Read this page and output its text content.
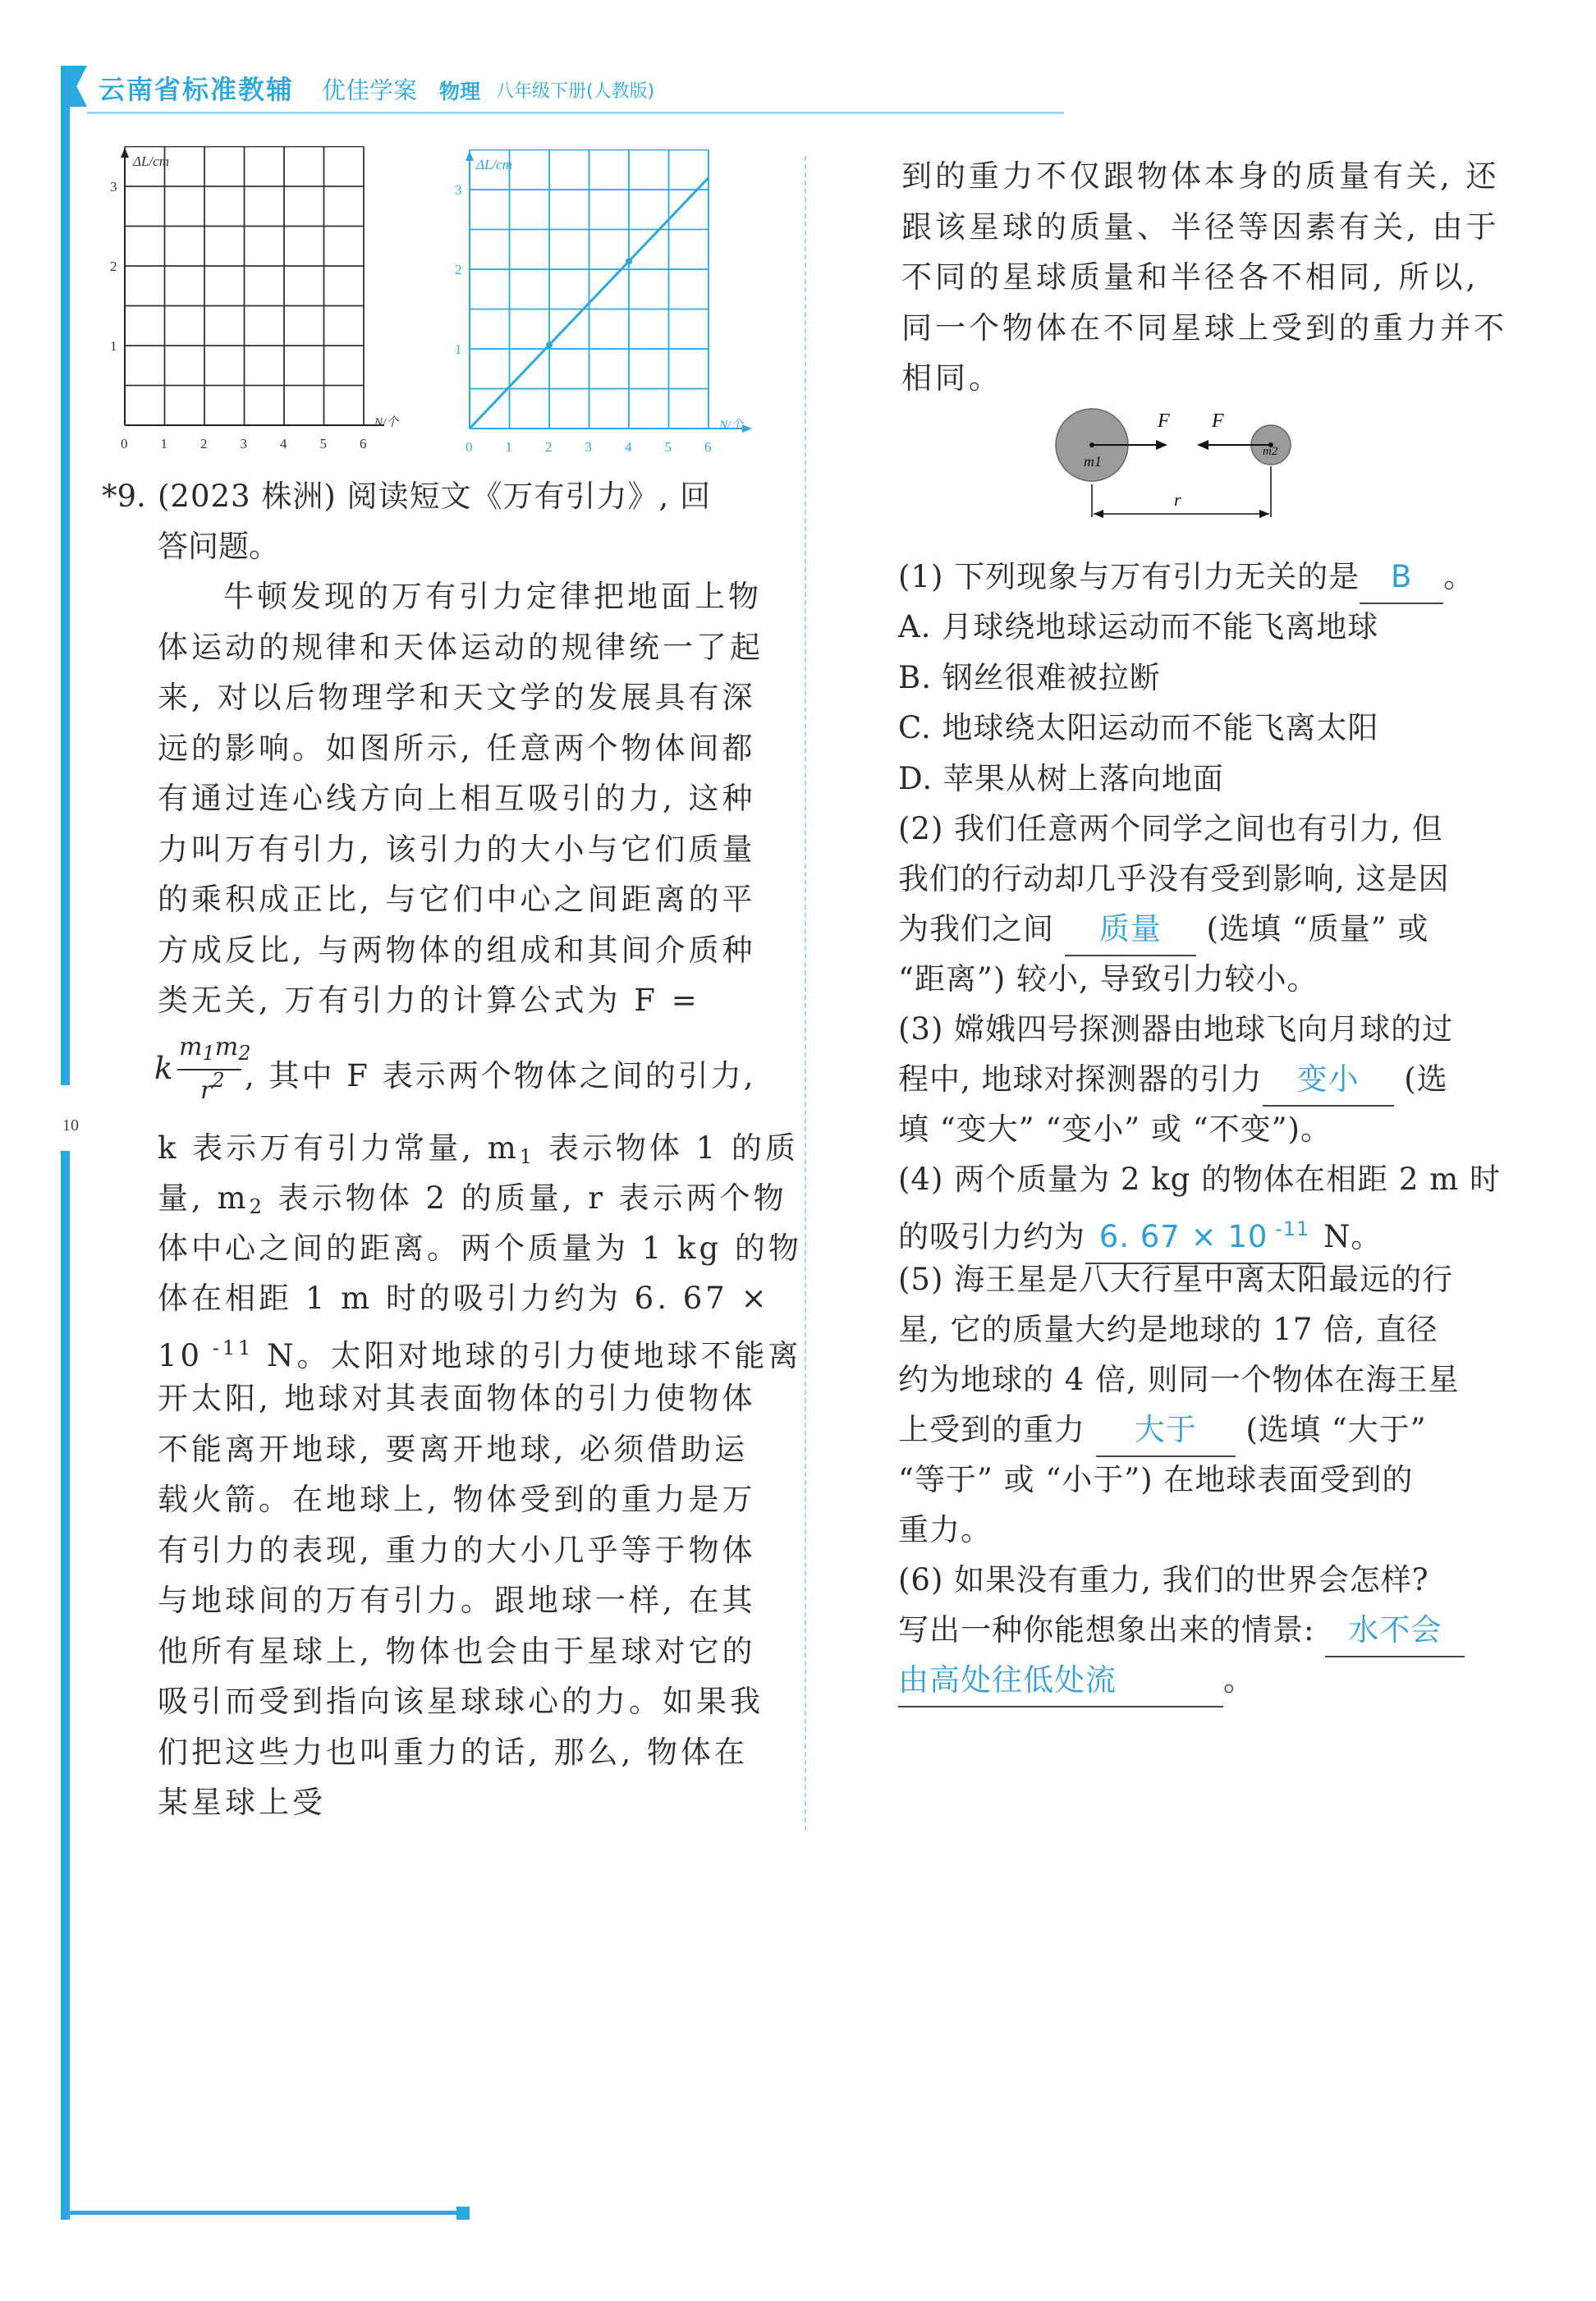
云南省标准教辅 优佳学案 物理 八年级下册(人教版)
10
ΔL/cm
N/个
0 1 2 3 4 5 6
1
2
3
ΔL/cm
N/个
0 1 2 3 4 5 6
1
2
3
*9. (2023 株洲) 阅读短文《万有引力》, 回
答问题。
牛顿发现的万有引力定律把地面上物
体运动的规律和天体运动的规律统一了起
来, 对以后物理学和天文学的发展具有深
远的影响。如图所示, 任意两个物体间都
有通过连心线方向上相互吸引的力, 这种
力叫万有引力, 该引力的大小与它们质量
的乘积成正比, 与它们中心之间距离的平
方成反比, 与两物体的组成和其间介质种
类无关, 万有引力的计算公式为 F =
k
$m_1m_2$
$r^2$ , 其中 F 表示两个物体之间的引力,
k 表示万有引力常量, $m_1$ 表示物体 1 的质
量, $m_2$ 表示物体 2 的质量, r 表示两个物
体中心之间的距离。两个质量为 1 kg 的物
体在相距 1 m 时的吸引力约为 6. 67 ×
10 $^{-11}$ N。太阳对地球的引力使地球不能离
开太阳, 地球对其表面物体的引力使物体
不能离开地球, 要离开地球, 必须借助运
载火箭。在地球上, 物体受到的重力是万
有引力的表现, 重力的大小几乎等于物体
与地球间的万有引力。跟地球一样, 在其
他所有星球上, 物体也会由于星球对它的
吸引而受到指向该星球球心的力。如果我
们把这些力也叫重力的话, 那么, 物体在
某星球上受
到的重力不仅跟物体本身的质量有关, 还
跟该星球的质量、半径等因素有关, 由于
不同的星球质量和半径各不相同, 所以,
同一个物体在不同星球上受到的重力并不
相同。
F F
m1
m2
r
(1) 下列现象与万有引力无关的是 B 。
A. 月球绕地球运动而不能飞离地球
B. 钢丝很难被拉断
C. 地球绕太阳运动而不能飞离太阳
D. 苹果从树上落向地面
(2) 我们任意两个同学之间也有引力, 但
我们的行动却几乎没有受到影响, 这是因
为我们之间 质量 (选填 “质量” 或
“距离”) 较小, 导致引力较小。
(3) 嫦娥四号探测器由地球飞向月球的过
程中, 地球对探测器的引力 变小 (选
填 “变大” “变小” 或 “不变”)。
(4) 两个质量为 2 kg 的物体在相距 2 m 时
的吸引力约为 6. 67 × 10 $^{-11}$ N。
(5) 海王星是八大行星中离太阳最远的行
星, 它的质量大约是地球的 17 倍, 直径
约为地球的 4 倍, 则同一个物体在海王星
上受到的重力 大于 (选填 “大于”
“等于” 或 “小于”) 在地球表面受到的
重力。
(6) 如果没有重力, 我们的世界会怎样?
写出一种你能想象出来的情景: 水不会
由高处往低处流	。
